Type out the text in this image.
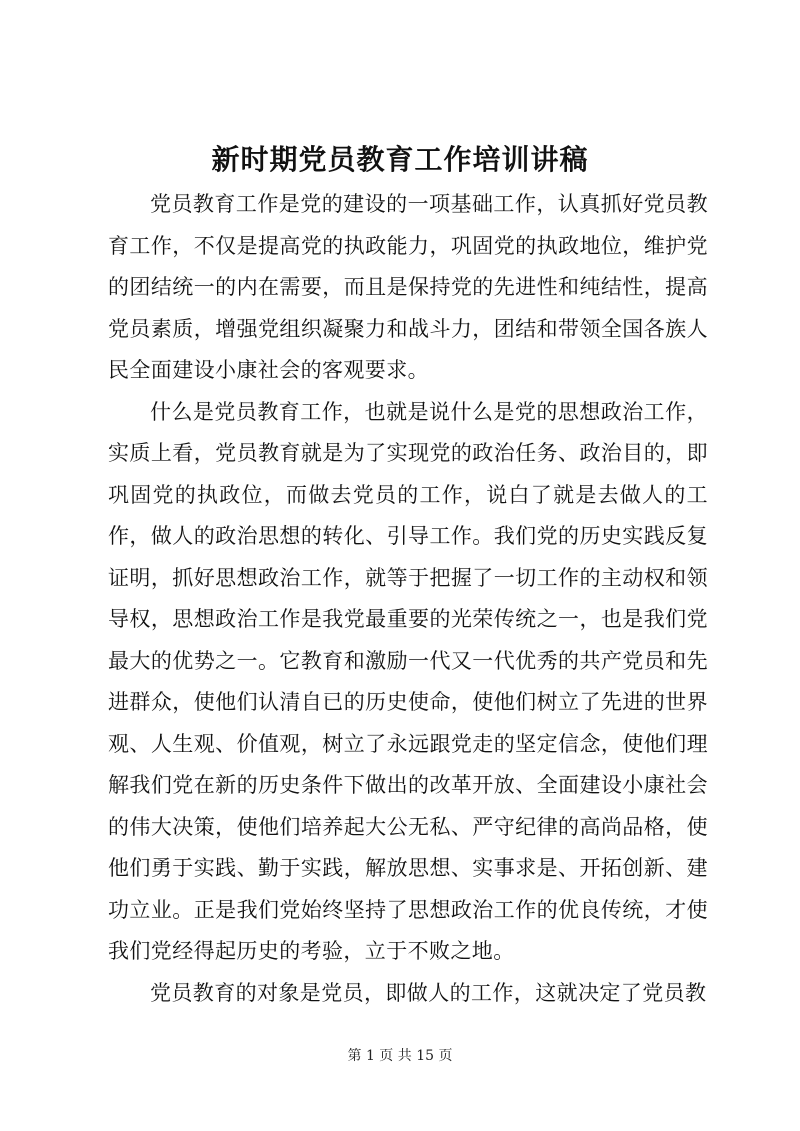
新时期党员教育工作培训讲稿

党员教育工作是党的建设的一项基础工作，认真抓好党员教育工作，不仅是提高党的执政能力，巩固党的执政地位，维护党的团结统一的内在需要，而且是保持党的先进性和纯结性，提高党员素质，增强党组织凝聚力和战斗力，团结和带领全国各族人民全面建设小康社会的客观要求。

什么是党员教育工作，也就是说什么是党的思想政治工作，实质上看，党员教育就是为了实现党的政治任务、政治目的，即巩固党的执政位，而做去党员的工作，说白了就是去做人的工作，做人的政治思想的转化、引导工作。我们党的历史实践反复证明，抓好思想政治工作，就等于把握了一切工作的主动权和领导权，思想政治工作是我党最重要的光荣传统之一，也是我们党最大的优势之一。它教育和激励一代又一代优秀的共产党员和先进群众，使他们认清自已的历史使命，使他们树立了先进的世界观、人生观、价值观，树立了永远跟党走的坚定信念，使他们理解我们党在新的历史条件下做出的改革开放、全面建设小康社会的伟大决策，使他们培养起大公无私、严守纪律的高尚品格，使他们勇于实践、勤于实践，解放思想、实事求是、开拓创新、建功立业。正是我们党始终坚持了思想政治工作的优良传统，才使我们党经得起历史的考验，立于不败之地。

党员教育的对象是党员，即做人的工作，这就决定了党员教

第 1 页 共 15 页
